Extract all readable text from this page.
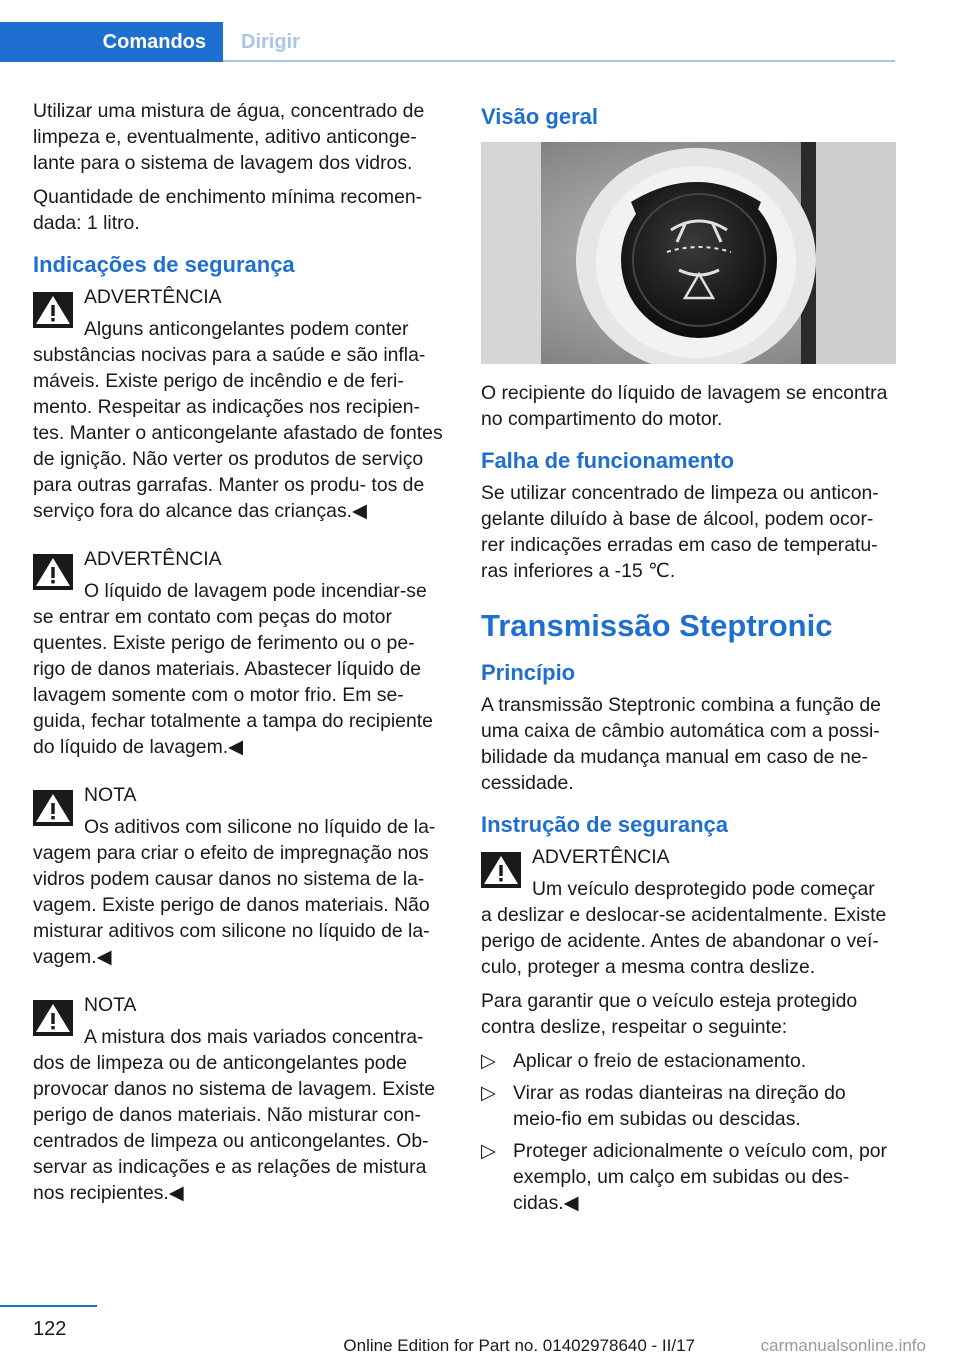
Comandos Dirigir

Utilizar uma mistura de água, concentrado de limpeza e, eventualmente, aditivo anticonge‐ lante para o sistema de lavagem dos vidros.

Quantidade de enchimento mínima recomen‐ dada: 1 litro.

Indicações de segurança
ADVERTÊNCIA
Alguns anticongelantes podem conter
substâncias nocivas para a saúde e são infla‐ máveis. Existe perigo de incêndio e de feri‐ mento. Respeitar as indicações nos recipien‐ tes. Manter o anticongelante afastado de fontes de ignição. Não verter os produtos de serviço para outras garrafas. Manter os produ‐ tos de serviço fora do alcance das crianças.◀
ADVERTÊNCIA
O líquido de lavagem pode incendiar-se
se entrar em contato com peças do motor quentes. Existe perigo de ferimento ou o pe‐ rigo de danos materiais. Abastecer líquido de lavagem somente com o motor frio. Em se‐ guida, fechar totalmente a tampa do recipiente do líquido de lavagem.◀
NOTA
Os aditivos com silicone no líquido de la‐
vagem para criar o efeito de impregnação nos vidros podem causar danos no sistema de la‐ vagem. Existe perigo de danos materiais. Não misturar aditivos com silicone no líquido de la‐ vagem.◀
NOTA
A mistura dos mais variados concentra‐
dos de limpeza ou de anticongelantes pode provocar danos no sistema de lavagem. Existe perigo de danos materiais. Não misturar con‐ centrados de limpeza ou anticongelantes. Ob‐ servar as indicações e as relações de mistura nos recipientes.◀
Visão geral

O recipiente do líquido de lavagem se encontra no compartimento do motor.

Falha de funcionamento

Se utilizar concentrado de limpeza ou anticon‐ gelante diluído à base de álcool, podem ocor‐ rer indicações erradas em caso de temperatu‐ ras inferiores a -15 ℃.

Transmissão Steptronic
Princípio

A transmissão Steptronic combina a função de uma caixa de câmbio automática com a possi‐ bilidade da mudança manual em caso de ne‐ cessidade.

Instrução de segurança
ADVERTÊNCIA
Um veículo desprotegido pode começar
a deslizar e deslocar-se acidentalmente. Existe perigo de acidente. Antes de abandonar o veí‐ culo, proteger a mesma contra deslize.

Para garantir que o veículo esteja protegido contra deslize, respeitar o seguinte:

▷ Aplicar o freio de estacionamento.
▷ Virar as rodas dianteiras na direção do meio-fio em subidas ou descidas.
▷ Proteger adicionalmente o veículo com, por exemplo, um calço em subidas ou des‐ cidas.◀
122
Online Edition for Part no. 01402978640 - II/17	carmanualsonline.info
